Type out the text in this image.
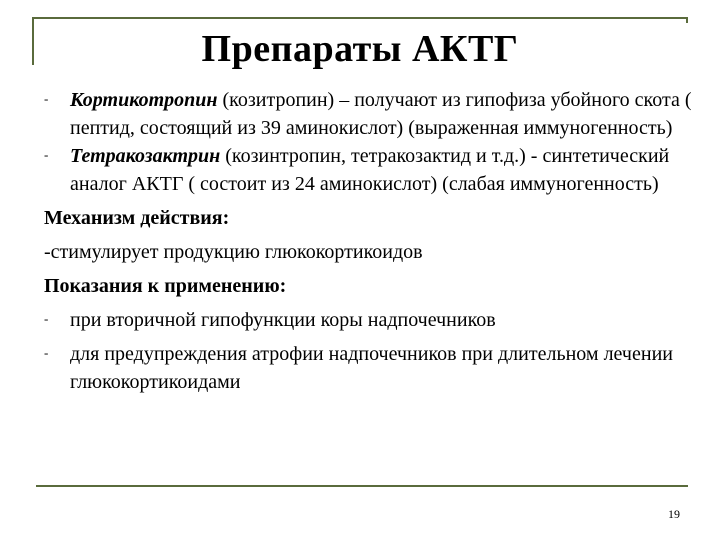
Препараты АКТГ
- Кортикотропин (козитропин) – получают из гипофиза убойного скота ( пептид, состоящий из 39 аминокислот) (выраженная иммуногенность)
- Тетракозактрин (козинтропин, тетракозактид и т.д.) - синтетический аналог АКТГ ( состоит из 24 аминокислот) (слабая иммуногенность)
Механизм действия:
-стимулирует продукцию глюкокортикоидов
Показания к применению:
- при вторичной гипофункции коры надпочечников
- для предупреждения атрофии надпочечников при длительном лечении глюкокортикоидами
19
